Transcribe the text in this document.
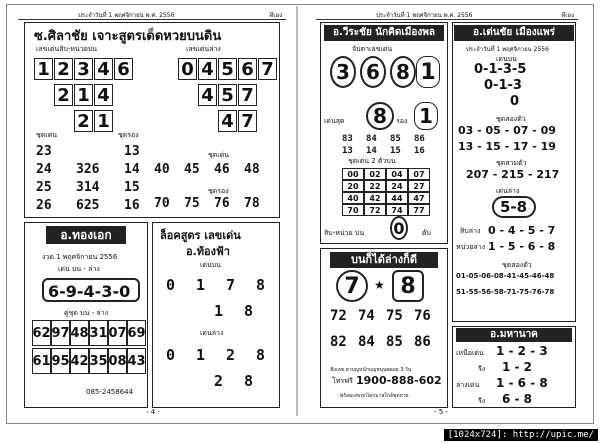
ประจำวันที่ 1 พฤศจิกายน พ.ศ. 2556	ทีเอง
ซ.ศิลาชัย เจาะสูตรเด็ดหวยบนดิน
เลขเด่นสิบ-หน่วยบน	เลขเด่นล่าง
ชุดเด่น	ชุดรอง
ชุดเด่น
ชุดรอง
อ.ทองเอก
งวด.1 พฤศจิกายน 2556
เด่น บน - ล่าง
6-9-4-3-0
คู่ชุด บน - ล่าง
085-2458644
ล็อคสูตร เลขเด่น
อ.ท้องฟ้า
เด่นบน
เด่นล่าง
- 4 -
1 2 3 4 6	0 4 5 6 7
2 1 4	4 5 7
2 1	4 7
23	13
24 326 14
25 314 15
26 625 16
40 45 46 48
70 75 76 78
62 97 48 31 07 69
61 95 42 35 08 43
0 1 7 8
1 8
0 1 2 8
2 8
ประจำวันที่ 1 พฤศจิกายน พ.ศ. 2556	ทีเอง
อ.วีระชัย นักคิดเมืองพล
จับตาเลขเด่น
เด่นสุด	8	รอง 1
ชุดเด่น 2 ตัวบน
สิบ-หน่วย บน 0	ดับ
บนก็ได้ล่างก็ดี
7	★ 8
ฟังเลข ฮาบุญหนักบุญหนุนพลอย 3 วัน
โทรฟรี 1900-888-602
พร้อมเลขทุกไตรมาสใกล้ชุดหวย
อ.เต่นชัย เมืองแพร่
ประจำวันที่ 1 พฤศจิกายน 2556
เด่นบน
0-1-3-5
0-1-3
0
ชุดสองตัว
03 - 05 - 07 - 09
13 - 15 - 17 - 19
ชุดสามตัว
207 - 215 - 217
เด่นล่าง
5-8
สิบล่าง 0 - 4 - 5 - 7
หน่วยล่าง 1 - 5 - 6 - 8
ชุดสองตัว
01-05-06-08-41-45-46-48
51-55-56-58-71-75-76-78
อ.มหานาค
เหนือเด่น 1 - 2 - 3
รีง 1 - 2
ล่างเด่น 1 - 6 - 8
รีง 6 - 8
- 5 -
3 6 8 1
83 84 85 86
13 14 15 16
00	02	04	07
20	22	24	27
40	42	44	47
70	72	74	77
72 74 75 76
82 84 85 86
[1024x724]: http://upic.me/
